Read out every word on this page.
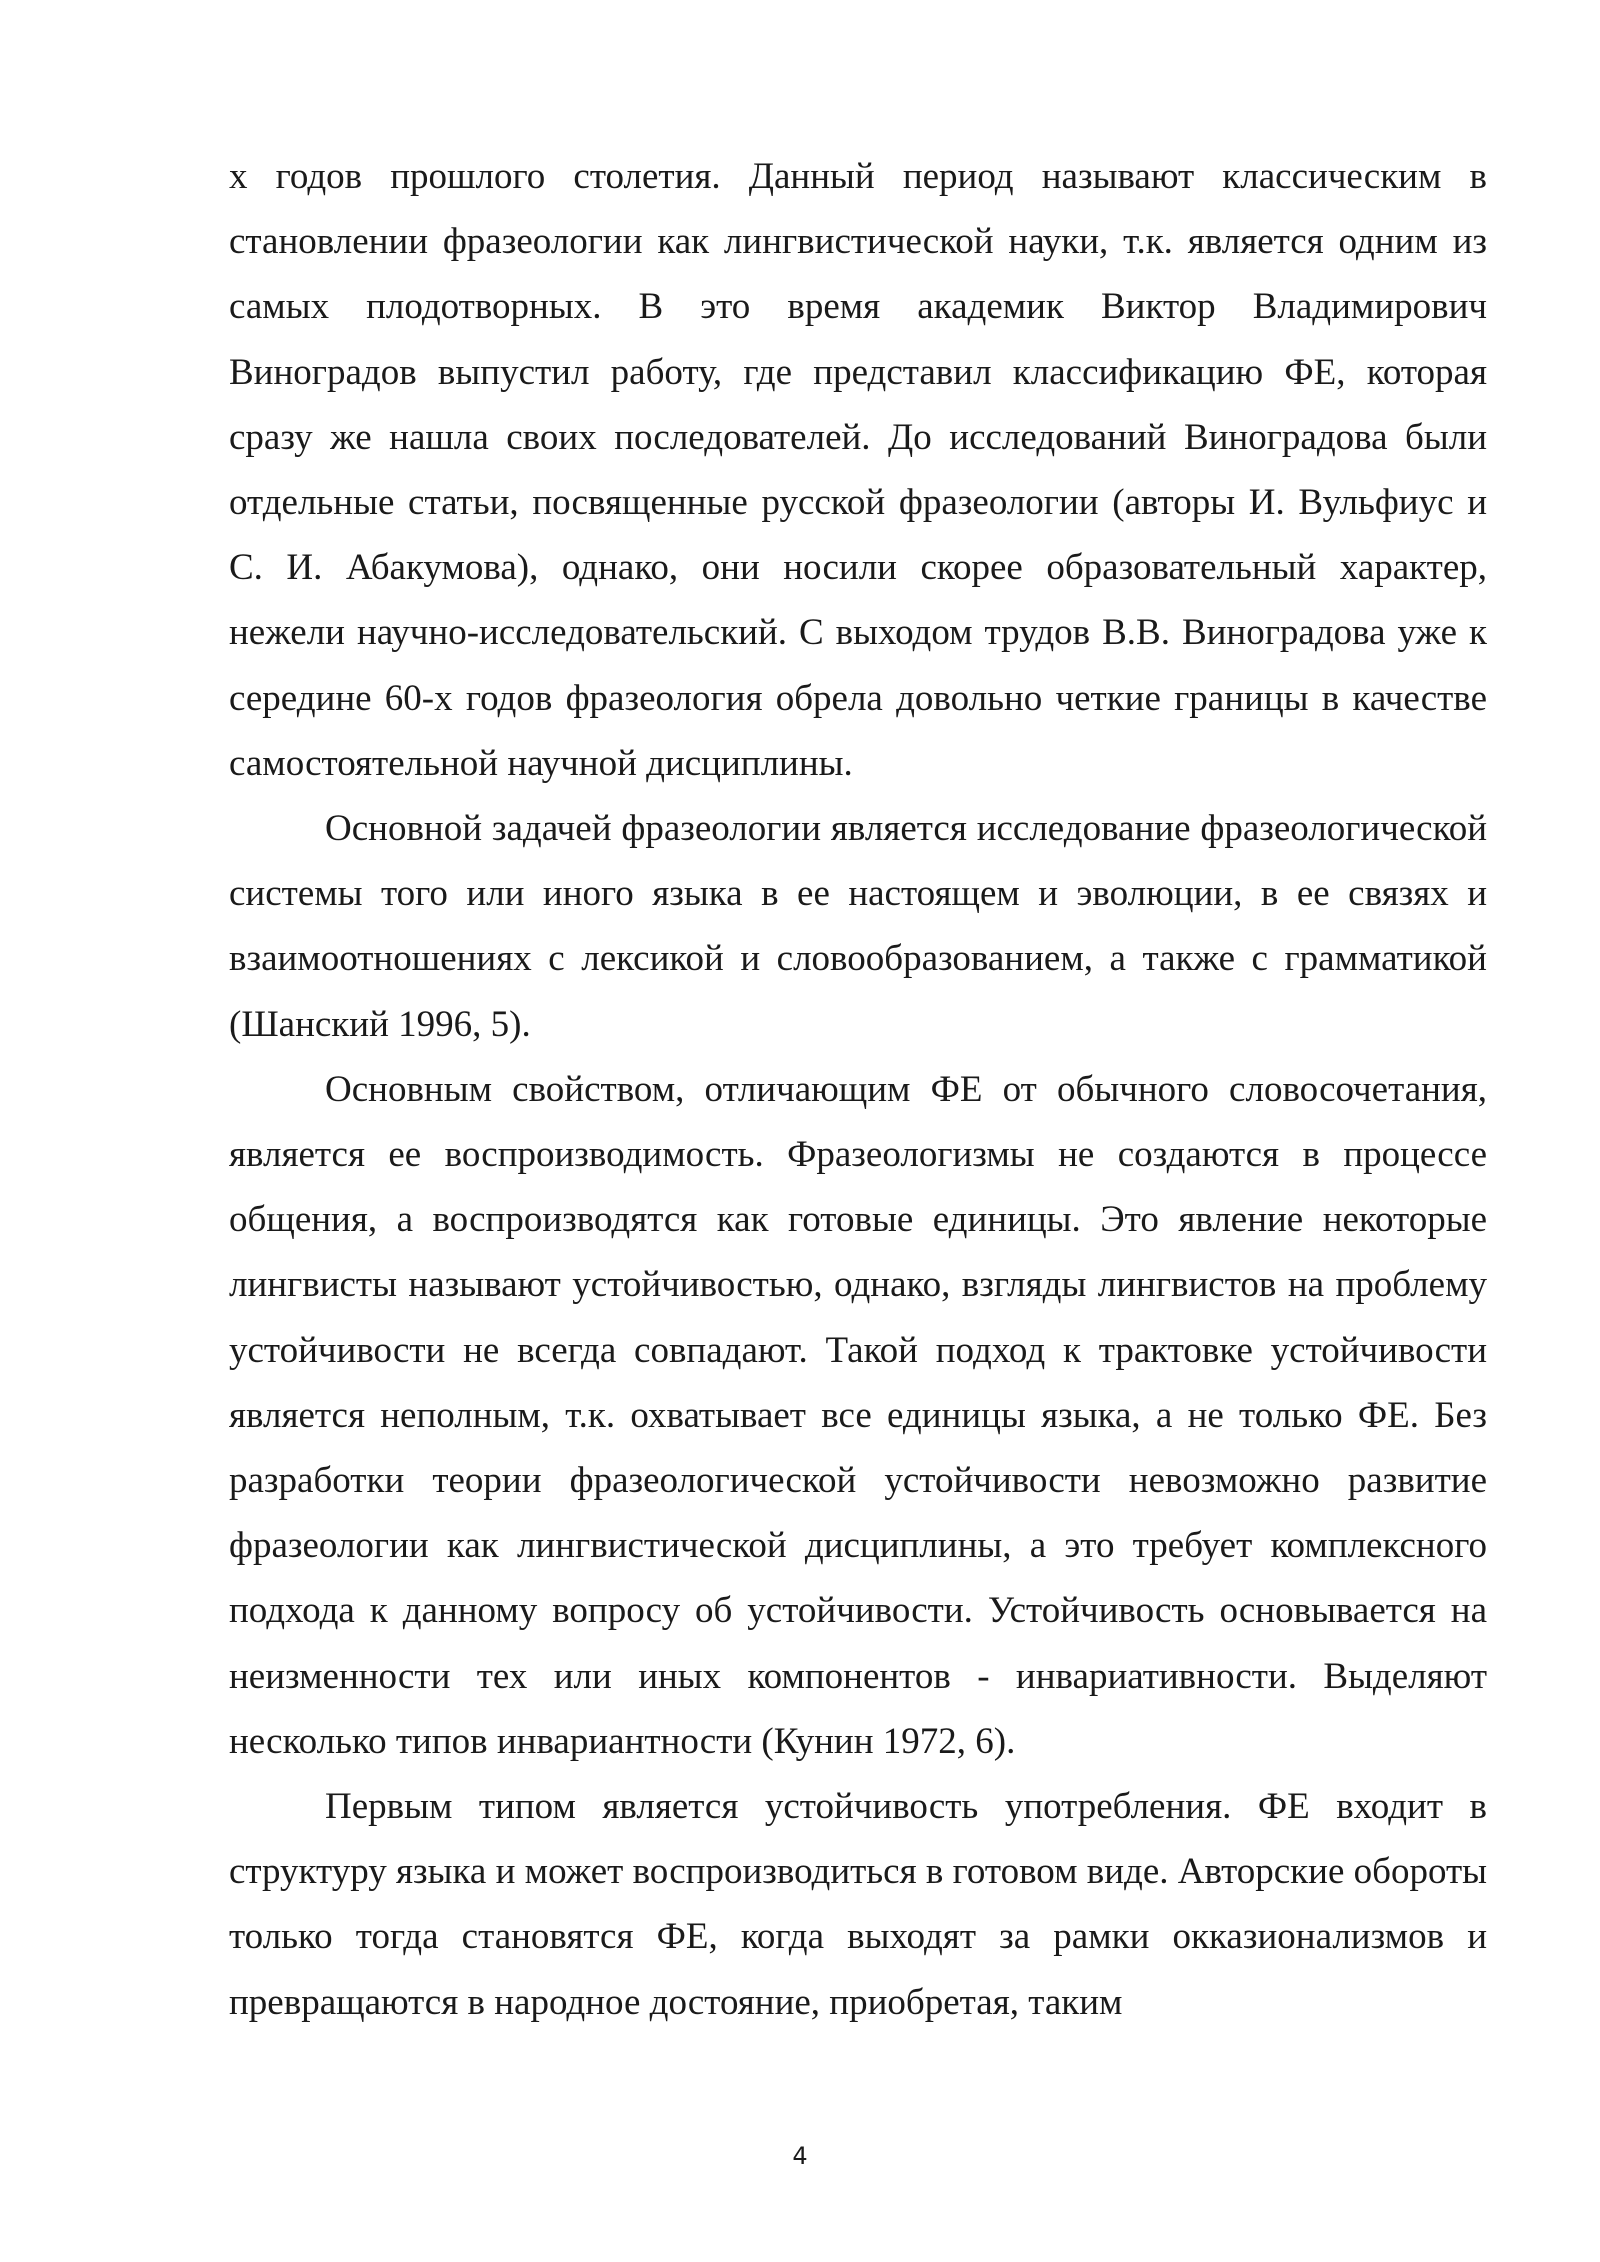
х годов прошлого столетия. Данный период называют классическим в становлении фразеологии как лингвистической науки, т.к. является одним из самых плодотворных. В это время академик Виктор Владимирович Виноградов выпустил работу, где представил классификацию ФЕ, которая сразу же нашла своих последователей. До исследований Виноградова были отдельные статьи, посвященные русской фразеологии (авторы И. Вульфиус и С. И. Абакумова), однако, они носили скорее образовательный характер, нежели научно-исследовательский. С выходом трудов В.В. Виноградова уже к середине 60-х годов фразеология обрела довольно четкие границы в качестве самостоятельной научной дисциплины.

Основной задачей фразеологии является исследование фразеологической системы того или иного языка в ее настоящем и эволюции, в ее связях и взаимоотношениях с лексикой и словообразованием, а также с грамматикой (Шанский 1996, 5).

Основным свойством, отличающим ФЕ от обычного словосочетания, является ее воспроизводимость. Фразеологизмы не создаются в процессе общения, а воспроизводятся как готовые единицы. Это явление некоторые лингвисты называют устойчивостью, однако, взгляды лингвистов на проблему устойчивости не всегда совпадают. Такой подход к трактовке устойчивости является неполным, т.к. охватывает все единицы языка, а не только ФЕ. Без разработки теории фразеологической устойчивости невозможно развитие фразеологии как лингвистической дисциплины, а это требует комплексного подхода к данному вопросу об устойчивости. Устойчивость основывается на неизменности тех или иных компонентов - инвариативности. Выделяют несколько типов инвариантности (Кунин 1972, 6).

Первым типом является устойчивость употребления. ФЕ входит в структуру языка и может воспроизводиться в готовом виде. Авторские обороты только тогда становятся ФЕ, когда выходят за рамки окказионализмов и превращаются в народное достояние, приобретая, таким

4
